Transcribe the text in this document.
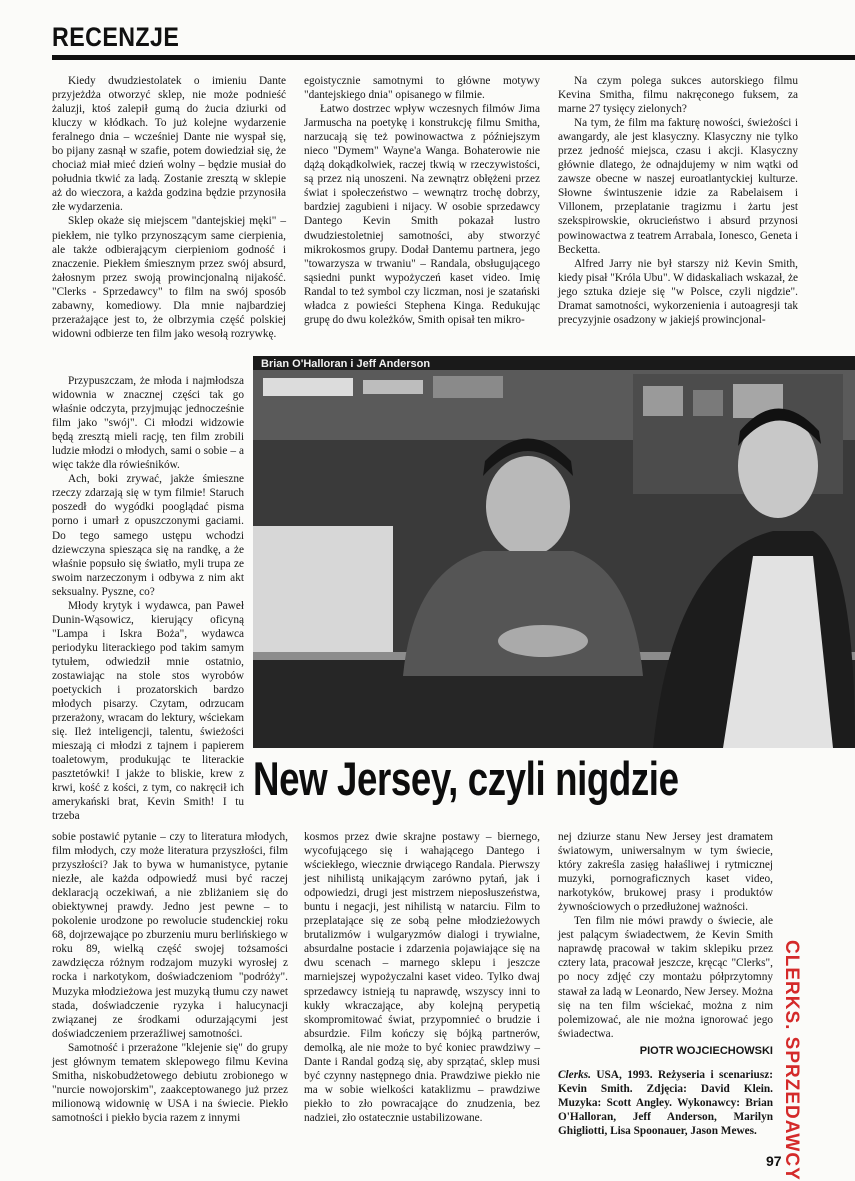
RECENZJE

Kiedy dwudziestolatek o imieniu Dante przyjeżdża otworzyć sklep, nie może podnieść żaluzji, ktoś zalepił gumą do żucia dziurki od kluczy w kłódkach. To już kolejne wydarzenie feralnego dnia – wcześniej Dante nie wyspał się, bo pijany zasnął w szafie, potem dowiedział się, że chociaż miał mieć dzień wolny – będzie musiał do południa tkwić za ladą. Zostanie zresztą w sklepie aż do wieczora, a każda godzina będzie przynosiła złe wydarzenia.

Sklep okaże się miejscem "dantejskiej męki" – piekłem, nie tylko przynoszącym same cierpienia, ale także odbierającym cierpieniom godność i znaczenie. Piekłem śmiesznym przez swój absurd, żałosnym przez swoją prowincjonalną nijakość. "Clerks - Sprzedawcy" to film na swój sposób zabawny, komediowy. Dla mnie najbardziej przerażające jest to, że olbrzymia część polskiej widowni odbierze ten film jako wesołą rozrywkę.

Przypuszczam, że młoda i najmłodsza widownia w znacznej części tak go właśnie odczyta, przyjmując jednocześnie film jako "swój". Ci młodzi widzowie będą zresztą mieli rację, ten film zrobili ludzie młodzi o młodych, sami o sobie – a więc także dla rówieśników.

Ach, boki zrywać, jakże śmieszne rzeczy zdarzają się w tym filmie! Staruch poszedł do wygódki pooglądać pisma porno i umarł z opuszczonymi gaciami. Do tego samego ustępu wchodzi dziewczyna spiesząca się na randkę, a że właśnie popsuło się światło, myli trupa ze swoim narzeczonym i odbywa z nim akt seksualny. Pyszne, co?

Młody krytyk i wydawca, pan Paweł Dunin-Wąsowicz, kierujący oficyną "Lampa i Iskra Boża", wydawca periodyku literackiego pod takim samym tytułem, odwiedził mnie ostatnio, zostawiając na stole stos wyrobów poetyckich i prozatorskich bardzo młodych pisarzy. Czytam, odrzucam przerażony, wracam do lektury, wściekam się. Ileż inteligencji, talentu, świeżości mieszają ci młodzi z tajnem i papierem toaletowym, produkując te literackie pasztetówki! I jakże to bliskie, krew z krwi, kość z kości, z tym, co nakręcił ich amerykański brat, Kevin Smith! I tu trzeba

sobie postawić pytanie – czy to literatura młodych, film młodych, czy może literatura przyszłości, film przyszłości? Jak to bywa w humanistyce, pytanie niezłe, ale każda odpowiedź musi być raczej deklaracją oczekiwań, a nie zbliżaniem się do obiektywnej prawdy. Jedno jest pewne – to pokolenie urodzone po rewolucie studenckiej roku 68, dojrzewające po zburzeniu muru berlińskiego w roku 89, wielką część swojej tożsamości zawdzięcza różnym rodzajom muzyki wyrosłej z rocka i narkotykom, doświadczeniom "podróży". Muzyka młodzieżowa jest muzyką tłumu czy nawet stada, doświadczenie ryzyka i halucynacji związanej ze środkami odurzającymi jest doświadczeniem przeraźliwej samotności.

Samotność i przerażone "klejenie się" do grupy jest głównym tematem sklepowego filmu Kevina Smitha, niskobudżetowego debiutu zrobionego w "nurcie nowojorskim", zaakceptowanego już przez milionową widownię w USA i na świecie. Piekło samotności i piekło bycia razem z innymi

egoistycznie samotnymi to główne motywy "dantejskiego dnia" opisanego w filmie.

Łatwo dostrzec wpływ wczesnych filmów Jima Jarmuscha na poetykę i konstrukcję filmu Smitha, narzucają się też powinowactwa z późniejszym nieco "Dymem" Wayne'a Wanga. Bohaterowie nie dążą dokądkolwiek, raczej tkwią w rzeczywistości, są przez nią unoszeni. Na zewnątrz obłężeni przez świat i społeczeństwo – wewnątrz trochę dobrzy, bardziej zagubieni i nijacy. W osobie sprzedawcy Dantego Kevin Smith pokazał lustro dwudziestoletniej samotności, aby stworzyć mikrokosmos grupy. Dodał Dantemu partnera, jego "towarzysza w trwaniu" – Randala, obsługującego sąsiedni punkt wypożyczeń kaset video. Imię Randal to też symbol czy liczman, nosi je szatański władca z powieści Stephena Kinga. Redukując grupę do dwu koleżków, Smith opisał ten mikro-

Na czym polega sukces autorskiego filmu Kevina Smitha, filmu nakręconego fuksem, za marne 27 tysięcy zielonych?

Na tym, że film ma fakturę nowości, świeżości i awangardy, ale jest klasyczny. Klasyczny nie tylko przez jedność miejsca, czasu i akcji. Klasyczny głównie dlatego, że odnajdujemy w nim wątki od zawsze obecne w naszej euroatlantyckiej kulturze. Słowne świntuszenie idzie za Rabelaisem i Villonem, przeplatanie tragizmu i żartu jest szekspirowskie, okrucieństwo i absurd przynosi powinowactwa z teatrem Arrabala, Ionesco, Geneta i Becketta.

Alfred Jarry nie był starszy niż Kevin Smith, kiedy pisał "Króla Ubu". W didaskaliach wskazał, że jego sztuka dzieje się "w Polsce, czyli nigdzie". Dramat samotności, wykorzenienia i autoagresji tak precyzyjnie osadzony w jakiejś prowincjonal-

Brian O'Halloran i Jeff Anderson
New Jersey, czyli nigdzie

kosmos przez dwie skrajne postawy – biernego, wycofującego się i wahającego Dantego i wściekłego, wiecznie drwiącego Randala. Pierwszy jest nihilistą unikającym zarówno pytań, jak i odpowiedzi, drugi jest mistrzem nieposłuszeństwa, buntu i negacji, jest nihilistą w natarciu. Film to przeplatające się ze sobą pełne młodzieżowych brutalizmów i wulgaryzmów dialogi i trywialne, absurdalne postacie i zdarzenia pojawiające się na dwu scenach – marnego sklepu i jeszcze marniejszej wypożyczalni kaset video. Tylko dwaj sprzedawcy istnieją tu naprawdę, wszyscy inni to kukły wkraczające, aby kolejną perypetią skompromitować świat, przypomnieć o brudzie i absurdzie. Film kończy się bójką partnerów, demolką, ale nie może to być koniec prawdziwy – Dante i Randal godzą się, aby sprzątać, sklep musi być czynny następnego dnia. Prawdziwe piekło nie ma w sobie wielkości kataklizmu – prawdziwe piekło to zło powracające do znudzenia, bez nadziei, zło ostatecznie ustabilizowane.

nej dziurze stanu New Jersey jest dramatem światowym, uniwersalnym w tym świecie, który zakreśla zasięg hałaśliwej i rytmicznej muzyki, pornograficznych kaset video, narkotyków, brukowej prasy i produktów żywnościowych o przedłużonej ważności.

Ten film nie mówi prawdy o świecie, ale jest palącym świadectwem, że Kevin Smith naprawdę pracował w takim sklepiku przez cztery lata, pracował jeszcze, kręcąc "Clerks", po nocy zdjęć czy montażu półprzytomny stawał za ladą w Leonardo, New Jersey. Można się na ten film wściekać, można z nim polemizować, ale nie można ignorować jego świadectwa.

PIOTR WOJCIECHOWSKI

Clerks. USA, 1993. Reżyseria i scenariusz: Kevin Smith. Zdjęcia: David Klein. Muzyka: Scott Angley. Wykonawcy: Brian O'Halloran, Jeff Anderson, Marilyn Ghigliotti, Lisa Spoonauer, Jason Mewes.	CLERKS. SPRZEDAWCY
97
